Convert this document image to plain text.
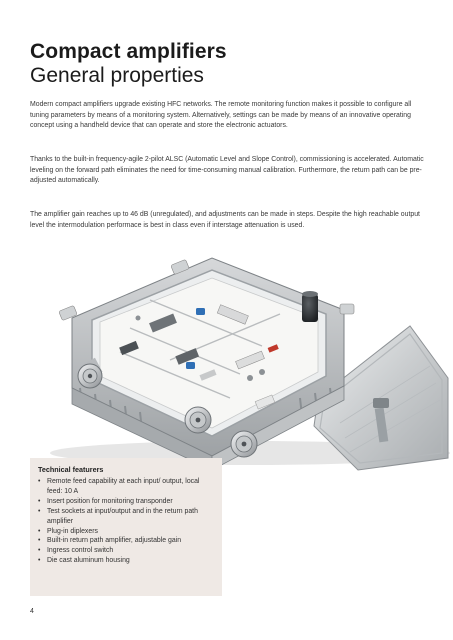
Compact amplifiers
General properties

Modern compact amplifiers upgrade existing HFC networks. The remote monitoring function makes it possible to configure all tuning parameters by means of a monitoring system. Alternatively, settings can be made by means of an innovative operating concept using a handheld device that can operate and store the electronic actuators.

Thanks to the built-in frequency-agile 2-pilot ALSC (Automatic Level and Slope Control), commissioning is accelerated. Automatic leveling on the forward path eliminates the need for time-consuming manual calibration. Furthermore, the return path can be pre-adjusted automatically.

The amplifier gain reaches up to 46 dB (unregulated), and adjustments can be made in steps. Despite the high reachable output level the intermodulation performace is best in class even if interstage attenuation is used.

Technical featurers

• Remote feed capability at each input/ output, local feed: 10 A
• Insert position for monitoring transponder
• Test sockets at input/output and in the return path amplifier
• Plug-in diplexers
• Built-in return path amplifier, adjustable gain
• Ingress control switch
• Die cast aluminum housing
4
